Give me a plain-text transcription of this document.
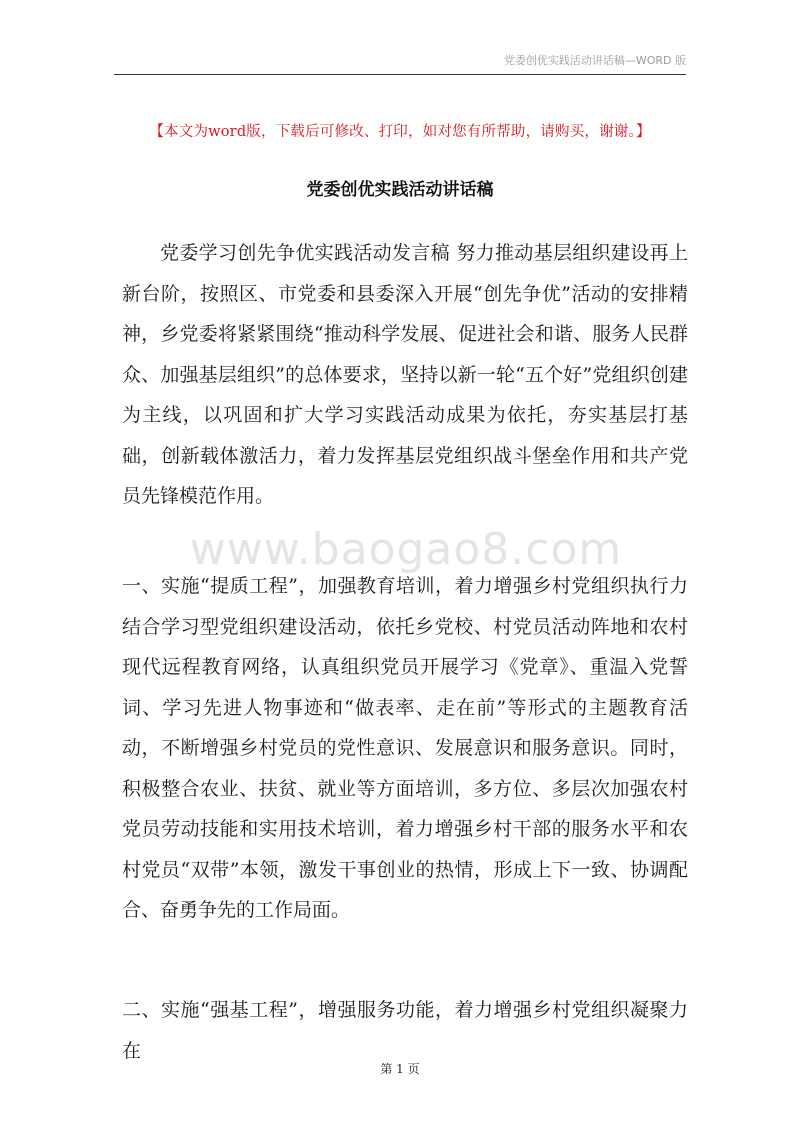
党委创优实践活动讲话稿—WORD 版
【本文为word版，下载后可修改、打印，如对您有所帮助，请购买，谢谢。】
党委创优实践活动讲话稿

党委学习创先争优实践活动发言稿 努力推动基层组织建设再上新台阶，按照区、市党委和县委深入开展“创先争优”活动的安排精神，乡党委将紧紧围绕“推动科学发展、促进社会和谐、服务人民群众、加强基层组织”的总体要求，坚持以新一轮“五个好”党组织创建为主线，以巩固和扩大学习实践活动成果为依托，夯实基层打基础，创新载体激活力，着力发挥基层党组织战斗堡垒作用和共产党员先锋模范作用。

www.baogao8.com

一、实施“提质工程”，加强教育培训，着力增强乡村党组织执行力结合学习型党组织建设活动，依托乡党校、村党员活动阵地和农村现代远程教育网络，认真组织党员开展学习《党章》、重温入党誓词、学习先进人物事迹和“做表率、走在前”等形式的主题教育活动，不断增强乡村党员的党性意识、发展意识和服务意识。同时，积极整合农业、扶贫、就业等方面培训，多方位、多层次加强农村党员劳动技能和实用技术培训，着力增强乡村干部的服务水平和农村党员“双带”本领，激发干事创业的热情，形成上下一致、协调配合、奋勇争先的工作局面。

二、实施“强基工程”，增强服务功能，着力增强乡村党组织凝聚力在

第 1 页
